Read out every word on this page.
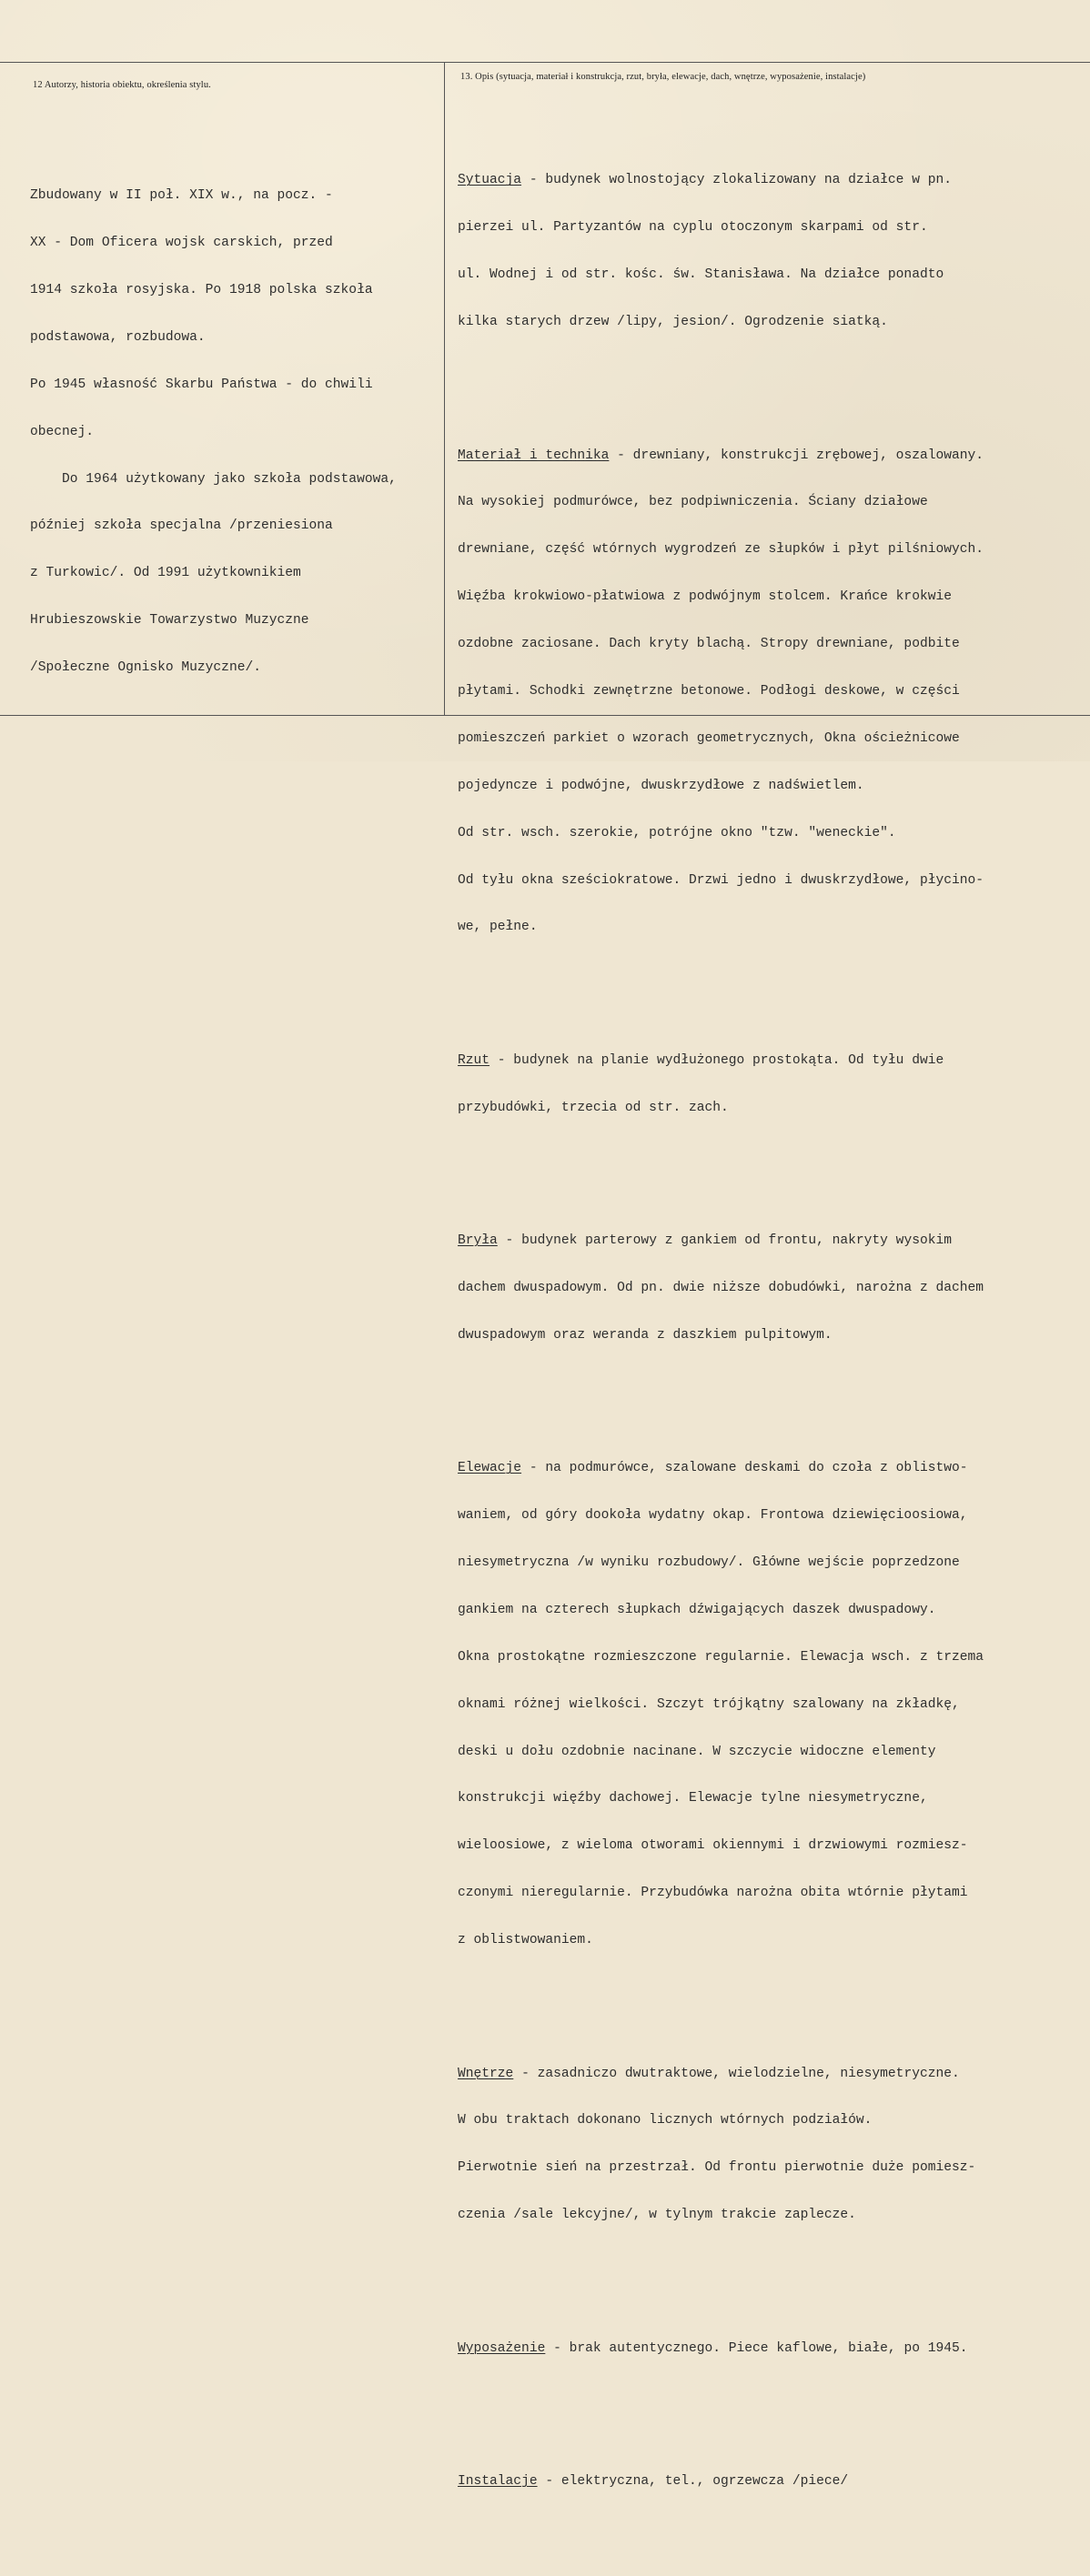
12 Autorzy, historia obiektu, określenia stylu.
13. Opis (sytuacja, materiał i konstrukcja, rzut, bryła, elewacje, dach, wnętrze, wyposażenie, instalacje)

Zbudowany w II poł. XIX w., na pocz. -

XX - Dom Oficera wojsk carskich, przed

1914 szkoła rosyjska. Po 1918 polska szkoła

podstawowa, rozbudowa.

Po 1945 własność Skarbu Państwa - do chwili

obecnej.

Do 1964 użytkowany jako szkoła podstawowa,

później szkoła specjalna /przeniesiona

z Turkowic/. Od 1991 użytkownikiem

Hrubieszowskie Towarzystwo Muzyczne

/Społeczne Ognisko Muzyczne/.

Sytuacja - budynek wolnostojący zlokalizowany na działce w pn.

pierzei ul. Partyzantów na cyplu otoczonym skarpami od str.

ul. Wodnej i od str. kośc. św. Stanisława. Na działce ponadto

kilka starych drzew /lipy, jesion/. Ogrodzenie siatką.

Materiał i technika - drewniany, konstrukcji zrębowej, oszalowany.

Na wysokiej podmurówce, bez podpiwniczenia. Ściany działowe

drewniane, część wtórnych wygrodzeń ze słupków i płyt pilśniowych.

Więźba krokwiowo-płatwiowa z podwójnym stolcem. Krańce krokwie

ozdobne zaciosane. Dach kryty blachą. Stropy drewniane, podbite

płytami. Schodki zewnętrzne betonowe. Podłogi deskowe, w części

pomieszczeń parkiet o wzorach geometrycznych, Okna ościeżnicowe

pojedyncze i podwójne, dwuskrzydłowe z nadświetlem.

Od str. wsch. szerokie, potrójne okno "tzw. "weneckie".

Od tyłu okna sześciokratowe. Drzwi jedno i dwuskrzydłowe, płycino-

we, pełne.

Rzut - budynek na planie wydłużonego prostokąta. Od tyłu dwie

przybudówki, trzecia od str. zach.

Bryła - budynek parterowy z gankiem od frontu, nakryty wysokim

dachem dwuspadowym. Od pn. dwie niższe dobudówki, narożna z dachem

dwuspadowym oraz weranda z daszkiem pulpitowym.

Elewacje - na podmurówce, szalowane deskami do czoła z oblistwo-

waniem, od góry dookoła wydatny okap. Frontowa dziewięcioosiowa,

niesymetryczna /w wyniku rozbudowy/. Główne wejście poprzedzone

gankiem na czterech słupkach dźwigających daszek dwuspadowy.

Okna prostokątne rozmieszczone regularnie. Elewacja wsch. z trzema

oknami różnej wielkości. Szczyt trójkątny szalowany na zkładkę,

deski u dołu ozdobnie nacinane. W szczycie widoczne elementy

konstrukcji więźby dachowej. Elewacje tylne niesymetryczne,

wieloosiowe, z wieloma otworami okiennymi i drzwiowymi rozmiesz-

czonymi nieregularnie. Przybudówka narożna obita wtórnie płytami

z oblistwowaniem.

Wnętrze - zasadniczo dwutraktowe, wielodzielne, niesymetryczne.

W obu traktach dokonano licznych wtórnych podziałów.

Pierwotnie sień na przestrzał. Od frontu pierwotnie duże pomiesz-

czenia /sale lekcyjne/, w tylnym trakcie zaplecze.

Wyposażenie - brak autentycznego. Piece kaflowe, białe, po 1945.

Instalacje - elektryczna, tel., ogrzewcza /piece/
